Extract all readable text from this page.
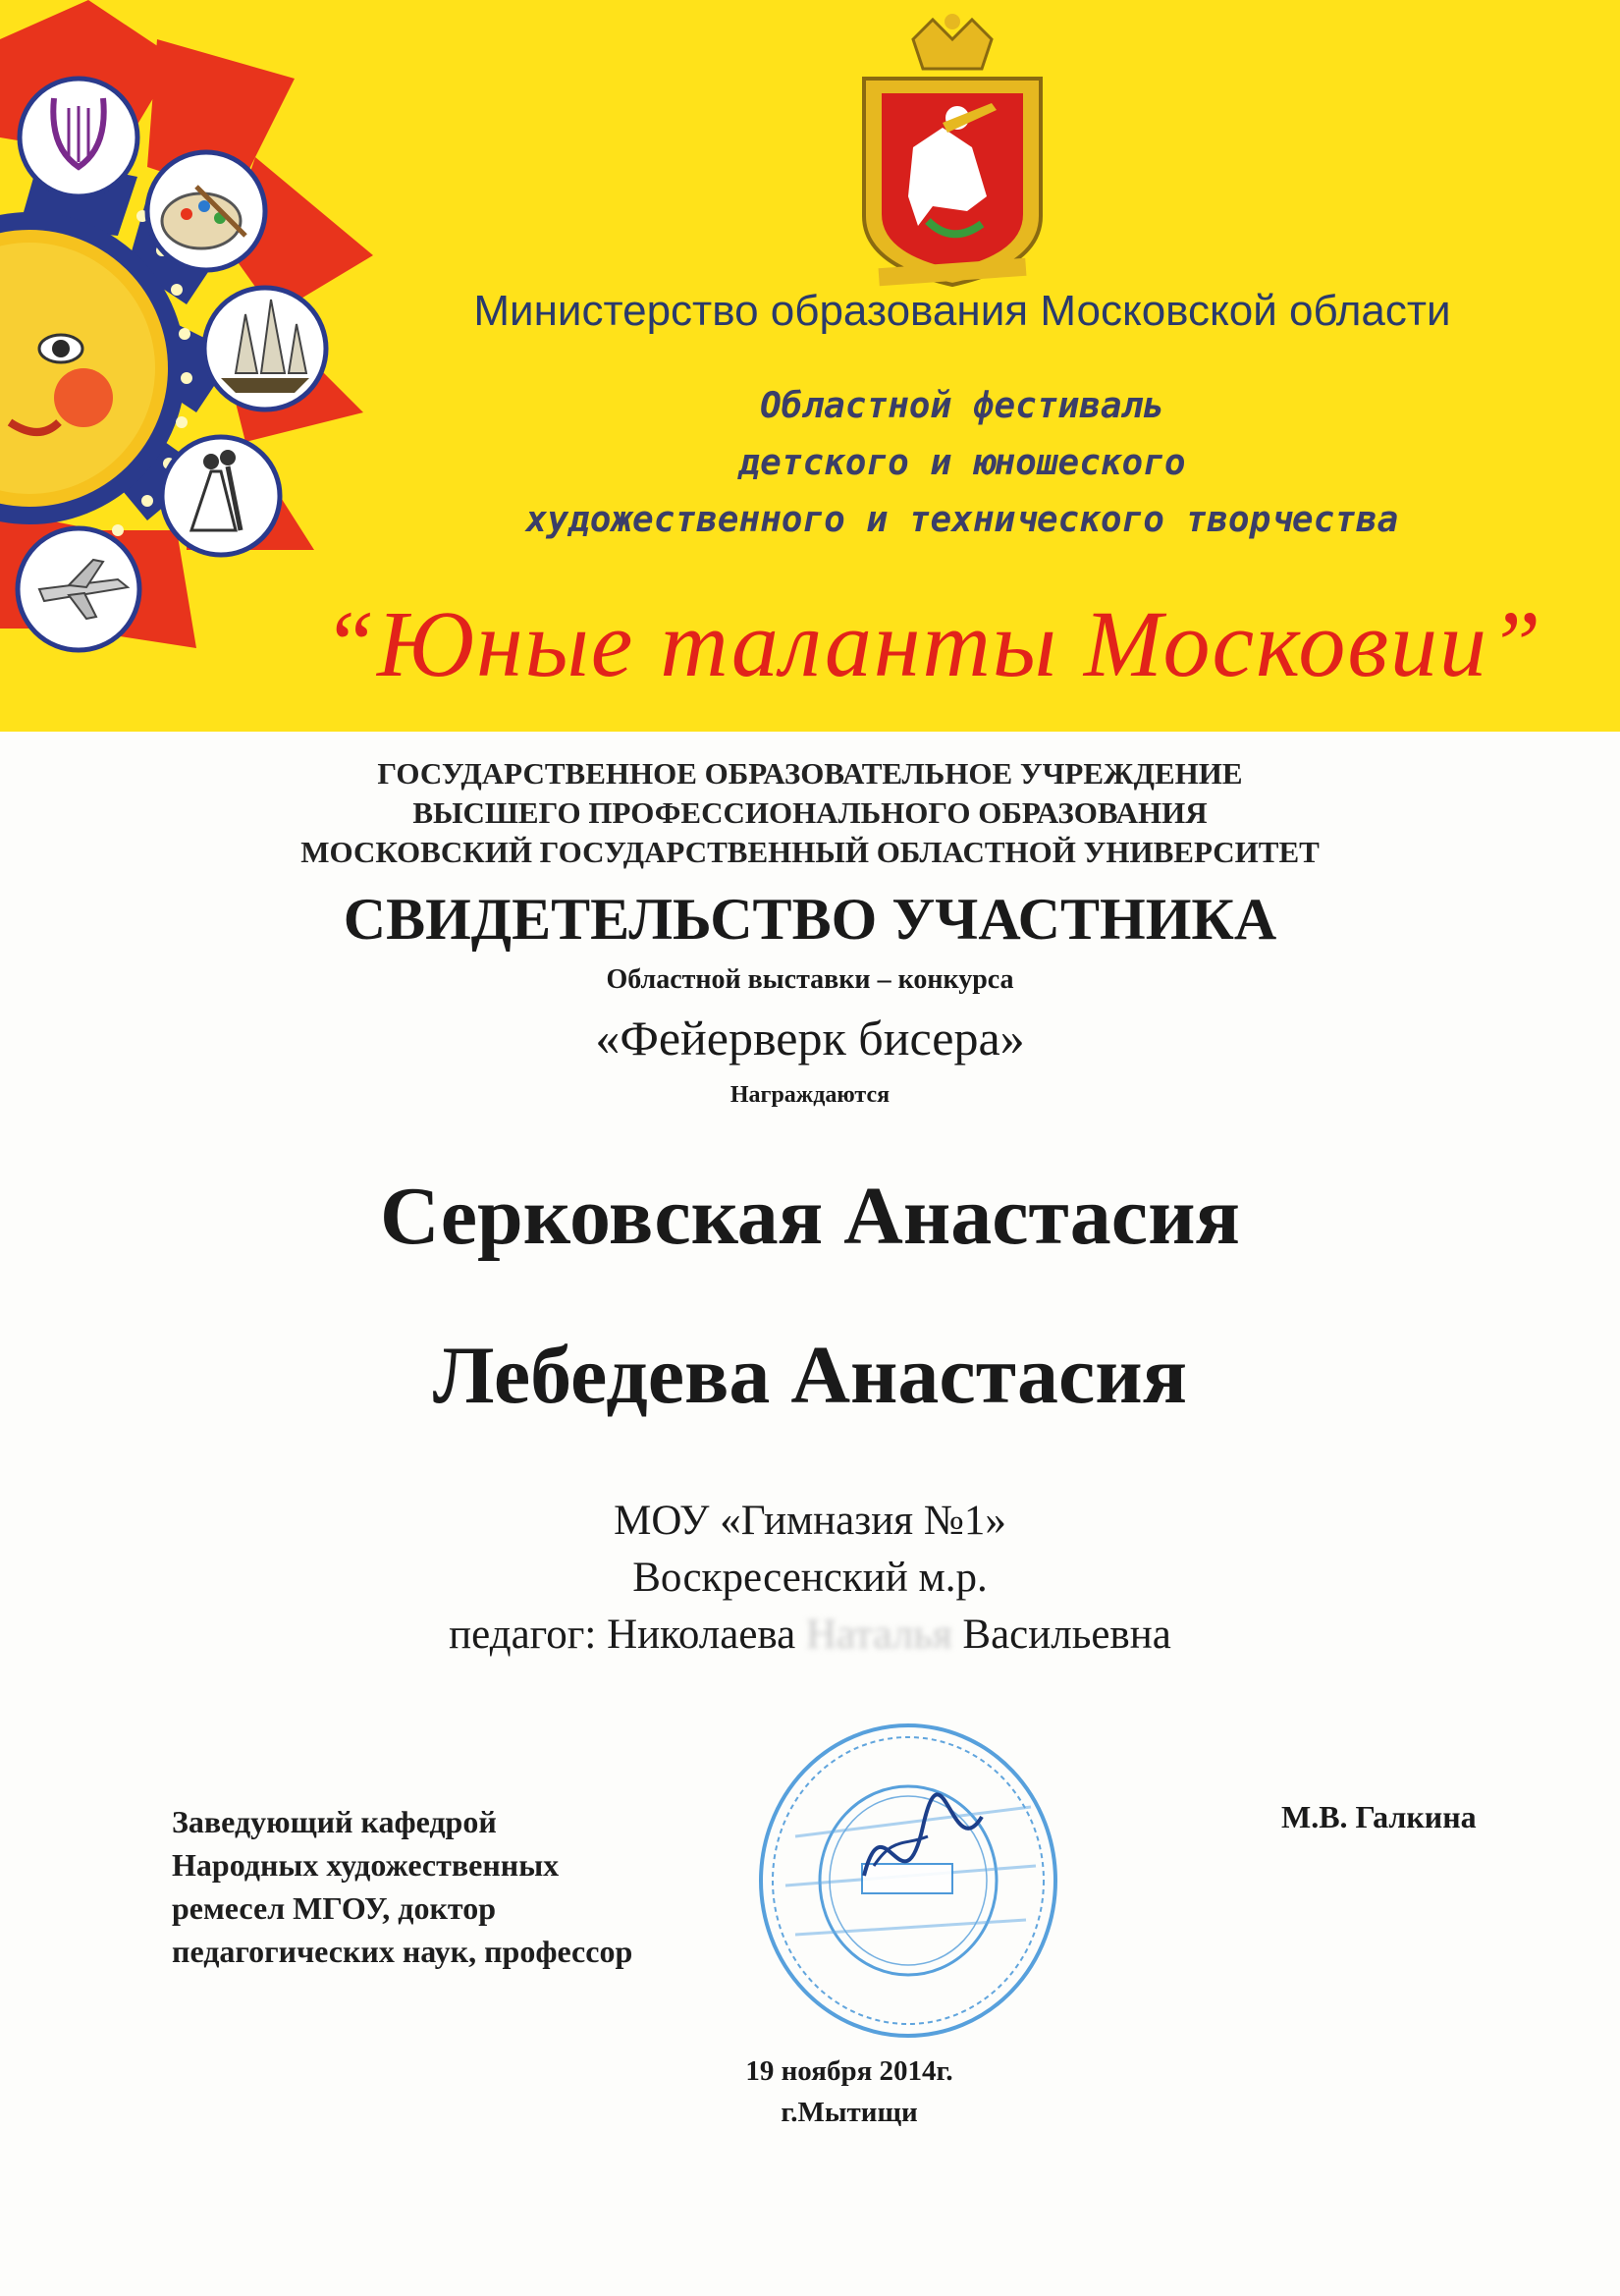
Министерство образования Московской области
Областной фестиваль
детского и юношеского
художественного и технического творчества
“Юные таланты Московии”
ГОСУДАРСТВЕННОЕ ОБРАЗОВАТЕЛЬНОЕ УЧРЕЖДЕНИЕ
ВЫСШЕГО ПРОФЕССИОНАЛЬНОГО ОБРАЗОВАНИЯ
МОСКОВСКИЙ ГОСУДАРСТВЕННЫЙ ОБЛАСТНОЙ УНИВЕРСИТЕТ
СВИДЕТЕЛЬСТВО УЧАСТНИКА
Областной выставки – конкурса
«Фейерверк бисера»
Награждаются
Серковская Анастасия
Лебедева Анастасия
МОУ «Гимназия №1»
Воскресенский м.р.
педагог: Николаева Наталья Васильевна
Заведующий кафедрой
Народных художественных
ремесел МГОУ, доктор
педагогических наук, профессор
М.В. Галкина
19 ноября 2014г.
г.Мытищи
